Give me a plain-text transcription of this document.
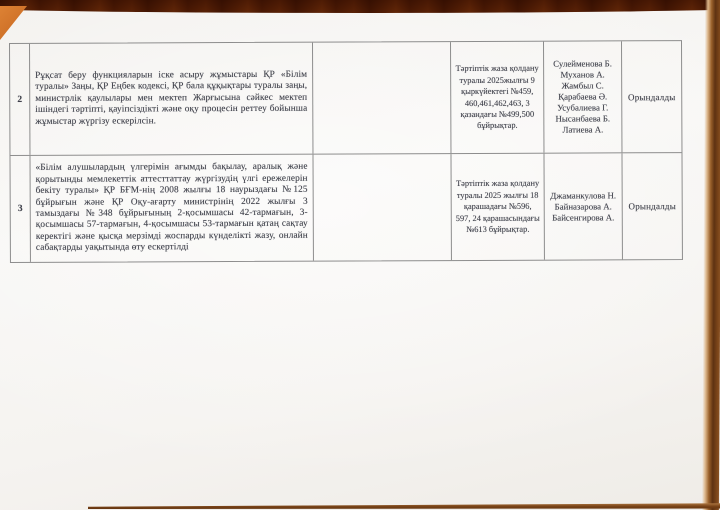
2
Рұқсат беру функцияларын іске асыру жұмыстары ҚР «Білім туралы» Заңы, ҚР Еңбек кодексі, ҚР бала құқықтары туралы заңы, министрлік қаулылары мен мектеп Жарғысына сәйкес мектеп ішіндегі тәртіпті, қауіпсіздікті және оқу процесін реттеу бойынша жұмыстар жүргізу ескерілсін.
Тәртіптік жаза қолдану туралы 2025жылғы 9 қыркүйектегі №459, 460,461,462,463, 3 қазандағы №499,500 бұйрықтар.
Сулейменова Б.
Муханов А.
Жамбыл С.
Қарабаева Ә.
Усубалиева Г.
Нысанбаева Б.
Латиева А.
Орындалды
3
«Білім алушылардың үлгерімін ағымды бақылау, аралық және қорытынды мемлекеттік аттесттаттау жүргізудің үлгі ережелерін бекіту туралы» ҚР БҒМ-нің 2008 жылғы 18 наурыздағы №125 бұйрығын және ҚР Оқу-ағарту министрінің 2022 жылғы 3 тамыздағы №348 бұйрығының 2-қосымшасы 42-тармағын, 3-қосымшасы 57-тармағын, 4-қосымшасы 53-тармағын қатаң сақтау керектігі және қысқа мерзімді жоспарды күнделікті жазу, онлайн сабақтарды уақытында өту ескертілді
Тәртіптік жаза қолдану туралы 2025 жылғы 18 қарашадағы №596, 597, 24 қарашасындағы №613 бұйрықтар.
Джаманкулова Н.
Байназарова А.
Байсенгирова А.
Орындалды
